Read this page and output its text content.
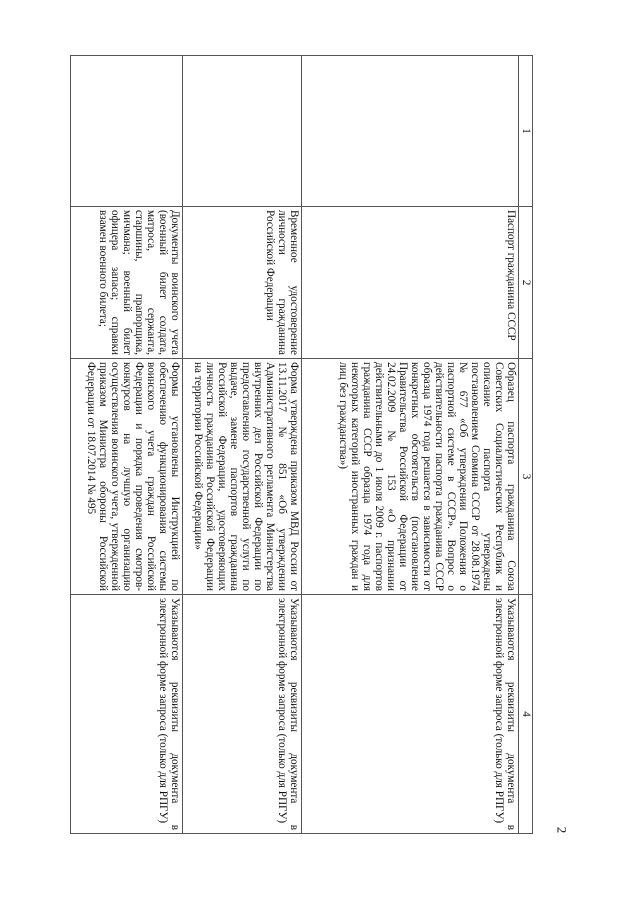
2
1	2	3	4
	Паспорт гражданина СССР	Образец паспорта гражданина Союза Советских Социалистических Республик и описание паспорта утверждены постановлением Совмина СССР от 28.08.1974 № 677 «Об утверждении Положения о паспортной системе в СССР». Вопрос о действительности паспорта гражданина СССР образца 1974 года решается в зависимости от конкретных обстоятельств (постановление Правительства Российской Федерации от 24.02.2009 № 153 «О признании действительными до 1 июля 2009 г. паспортов гражданина СССР образца 1974 года для некоторых категорий иностранных граждан и лиц без гражданства»)	Указываются реквизиты документа в электронной форме запроса (только для РПГУ)
	Временное удостоверение личности гражданина Российской Федерации	Форма утверждена приказом МВД России от 13.11.2017 № 851 «Об утверждении Административного регламента Министерства внутренних дел Российской Федерации по предоставлению государственной услуги по выдаче, замене паспортов гражданина Российской Федерации, удостоверяющих личность гражданина Российской Федерации на территории Российской Федерации»	Указываются реквизиты документа в электронной форме запроса (только для РПГУ)
	Документы воинского учета (военный билет солдата, матроса, сержанта, старшины, прапорщика, мичмана; военный билет офицера запаса; справки взамен военного билета;	Формы установлены Инструкцией по обеспечению функционирования системы воинского учета граждан Российской Федерации и порядка проведения смотров-конкурсов на лучшую организацию осуществления воинского учета, утвержденной приказом Министра обороны Российской Федерации от 18.07.2014 № 495	Указываются реквизиты документа в электронной форме запроса (только для РПГУ)
